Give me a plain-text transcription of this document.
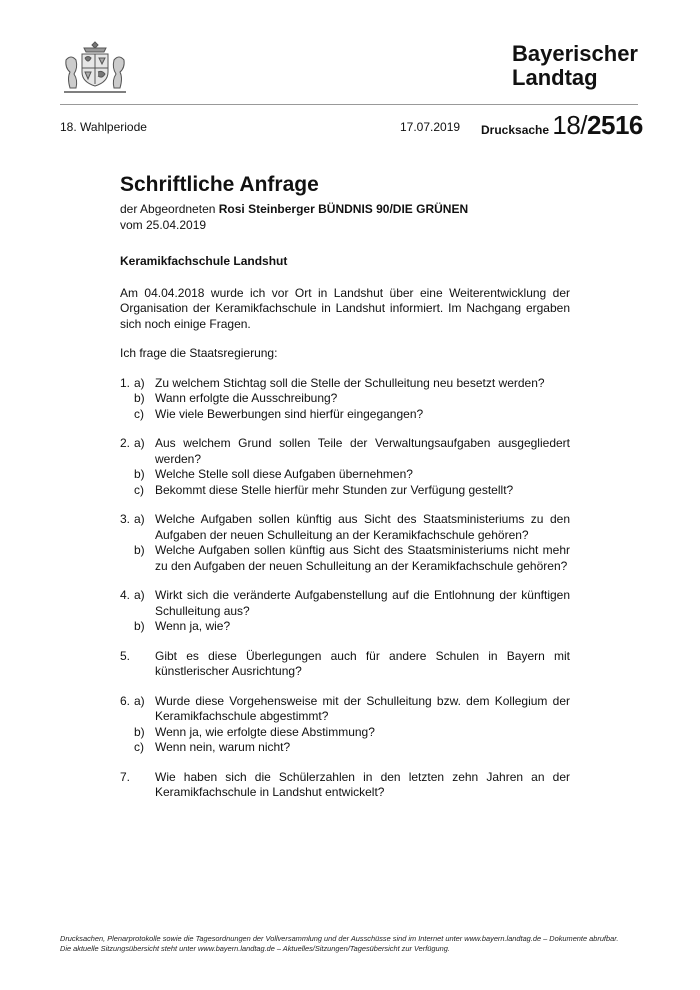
Bayerischer
Landtag
18. Wahlperiode	17.07.2019 Drucksache 18/2516
Schriftliche Anfrage

der Abgeordneten Rosi Steinberger BÜNDNIS 90/DIE GRÜNEN

vom 25.04.2019

Keramikfachschule Landshut
Am 04.04.2018 wurde ich vor Ort in Landshut über eine Weiterentwicklung der Organisation der Keramikfachschule in Landshut informiert. Im Nachgang ergaben sich noch einige Fragen.
Ich frage die Staatsregierung:
1. a) Zu welchem Stichtag soll die Stelle der Schulleitung neu besetzt werden?
b) Wann erfolgte die Ausschreibung?
c) Wie viele Bewerbungen sind hierfür eingegangen?
2. a) Aus welchem Grund sollen Teile der Verwaltungsaufgaben ausgegliedert werden?
b) Welche Stelle soll diese Aufgaben übernehmen?
c) Bekommt diese Stelle hierfür mehr Stunden zur Verfügung gestellt?
3. a) Welche Aufgaben sollen künftig aus Sicht des Staatsministeriums zu den Aufgaben der neuen Schulleitung an der Keramikfachschule gehören?
b) Welche Aufgaben sollen künftig aus Sicht des Staatsministeriums nicht mehr zu den Aufgaben der neuen Schulleitung an der Keramikfachschule gehören?
4. a) Wirkt sich die veränderte Aufgabenstellung auf die Entlohnung der künftigen Schulleitung aus?
b) Wenn ja, wie?
5.	Gibt es diese Überlegungen auch für andere Schulen in Bayern mit künstlerischer Ausrichtung?
6. a) Wurde diese Vorgehensweise mit der Schulleitung bzw. dem Kollegium der Keramikfachschule abgestimmt?
b) Wenn ja, wie erfolgte diese Abstimmung?
c) Wenn nein, warum nicht?
7.	Wie haben sich die Schülerzahlen in den letzten zehn Jahren an der Keramikfachschule in Landshut entwickelt?
Drucksachen, Plenarprotokolle sowie die Tagesordnungen der Vollversammlung und der Ausschüsse sind im Internet unter www.bayern.landtag.de – Dokumente abrufbar.
Die aktuelle Sitzungsübersicht steht unter www.bayern.landtag.de – Aktuelles/Sitzungen/Tagesübersicht zur Verfügung.
